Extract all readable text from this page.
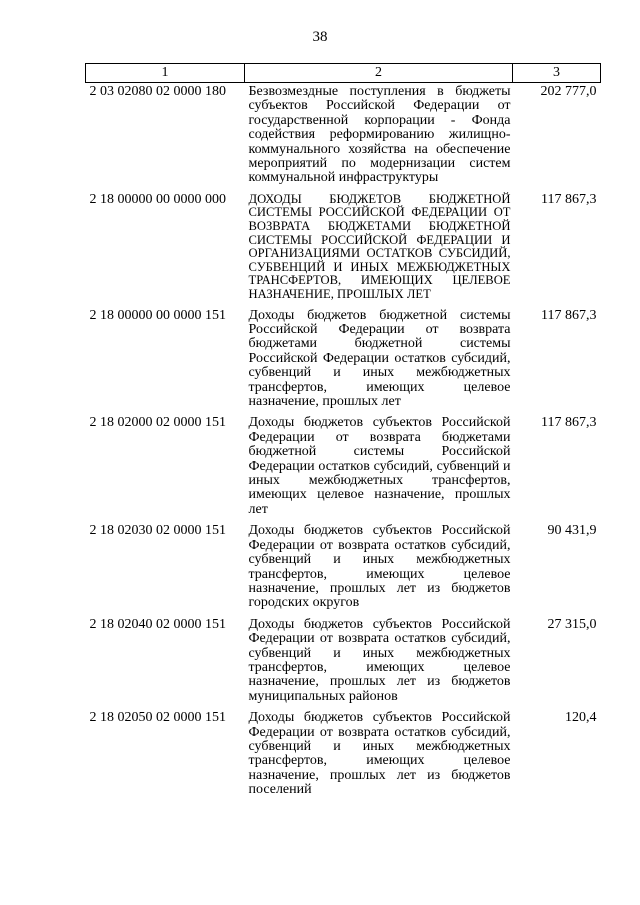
38
1	2	3
2 03 02080 02 0000 180	Безвозмездные поступления в бюджеты субъектов Российской Федерации от государственной корпорации - Фонда содействия реформированию жилищно-коммунального хозяйства на обеспечение мероприятий по модернизации систем коммунальной инфраструктуры	202 777,0
2 18 00000 00 0000 000	ДОХОДЫ БЮДЖЕТОВ БЮДЖЕТНОЙ СИСТЕМЫ РОССИЙСКОЙ ФЕДЕРАЦИИ ОТ ВОЗВРАТА БЮДЖЕТАМИ БЮДЖЕТНОЙ СИСТЕМЫ РОССИЙСКОЙ ФЕДЕРАЦИИ И ОРГАНИЗАЦИЯМИ ОСТАТКОВ СУБСИДИЙ, СУБВЕНЦИЙ И ИНЫХ МЕЖБЮДЖЕТНЫХ ТРАНСФЕРТОВ, ИМЕЮЩИХ ЦЕЛЕВОЕ НАЗНАЧЕНИЕ, ПРОШЛЫХ ЛЕТ	117 867,3
2 18 00000 00 0000 151	Доходы бюджетов бюджетной системы Российской Федерации от возврата бюджетами бюджетной системы Российской Федерации остатков субсидий, субвенций и иных межбюджетных трансфертов, имеющих целевое назначение, прошлых лет	117 867,3
2 18 02000 02 0000 151	Доходы бюджетов субъектов Российской Федерации от возврата бюджетами бюджетной системы Российской Федерации остатков субсидий, субвенций и иных межбюджетных трансфертов, имеющих целевое назначение, прошлых лет	117 867,3
2 18 02030 02 0000 151	Доходы бюджетов субъектов Российской Федерации от возврата остатков субсидий, субвенций и иных межбюджетных трансфертов, имеющих целевое назначение, прошлых лет из бюджетов городских округов	90 431,9
2 18 02040 02 0000 151	Доходы бюджетов субъектов Российской Федерации от возврата остатков субсидий, субвенций и иных межбюджетных трансфертов, имеющих целевое назначение, прошлых лет из бюджетов муниципальных районов	27 315,0
2 18 02050 02 0000 151	Доходы бюджетов субъектов Российской Федерации от возврата остатков субсидий, субвенций и иных межбюджетных трансфертов, имеющих целевое назначение, прошлых лет из бюджетов поселений	120,4
